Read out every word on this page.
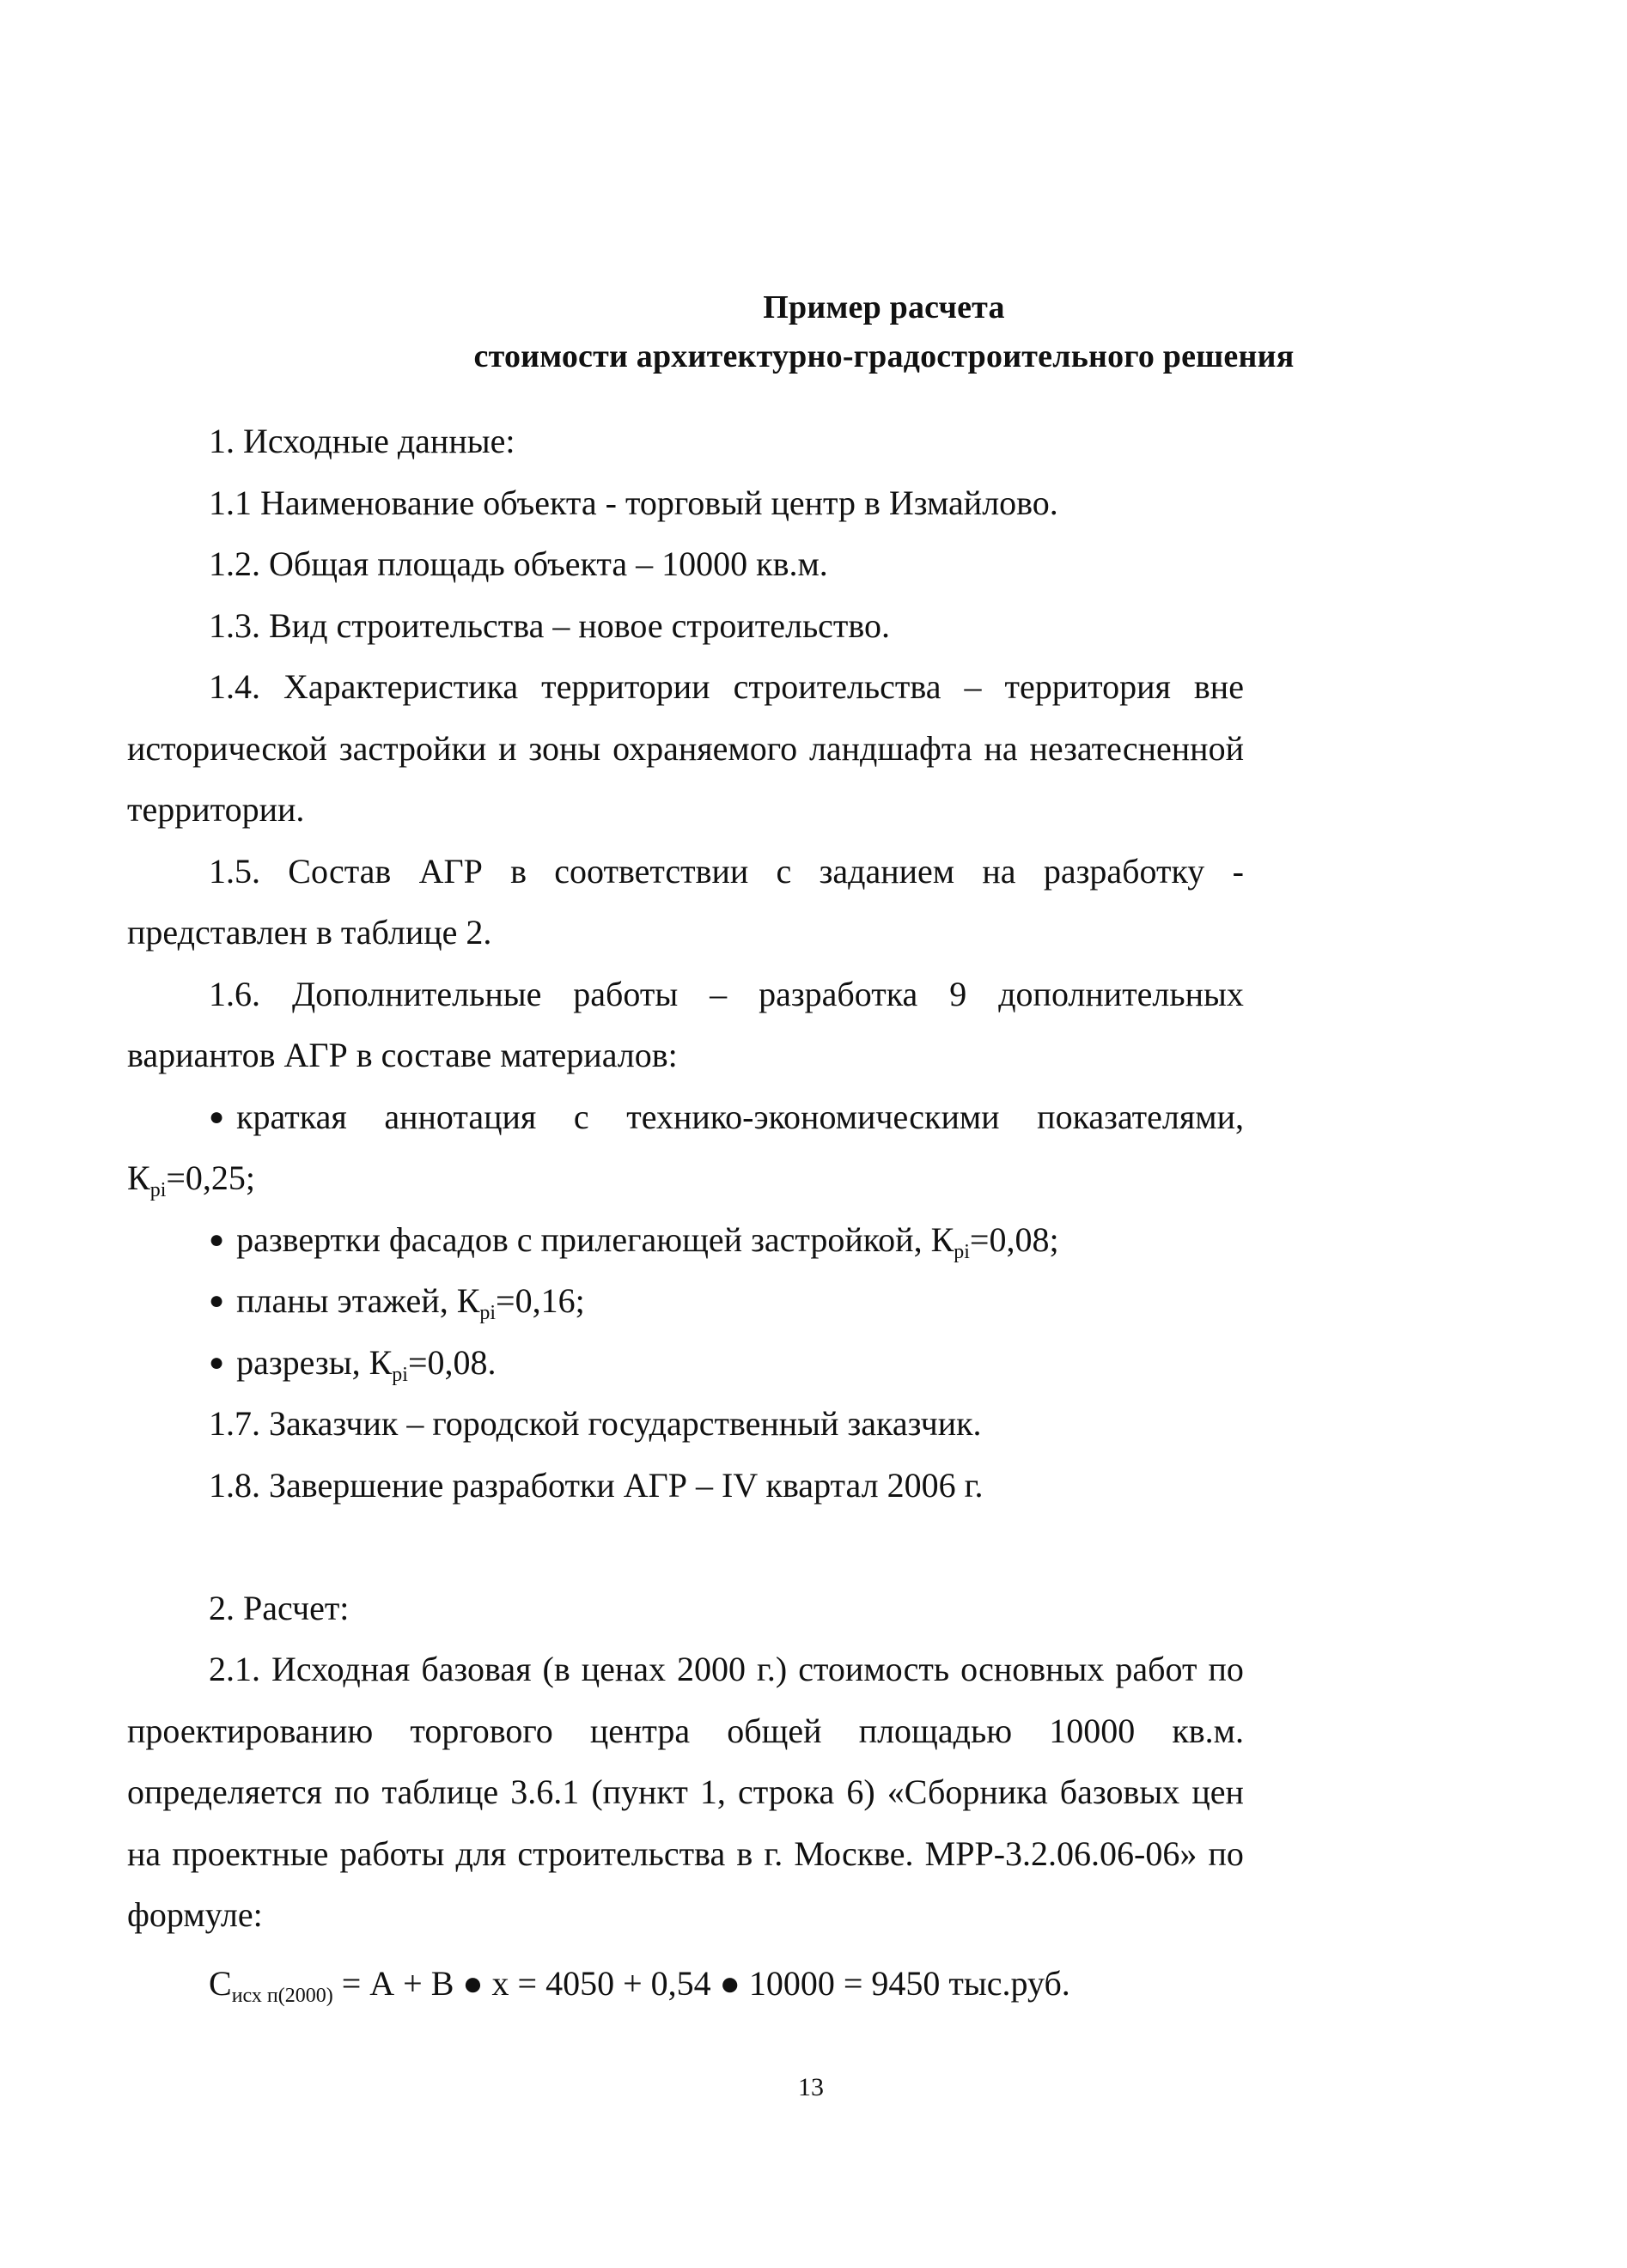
Пример расчета
стоимости архитектурно-градостроительного решения
1. Исходные данные:
1.1 Наименование объекта - торговый центр в Измайлово.
1.2. Общая площадь объекта – 10000 кв.м.
1.3. Вид строительства – новое строительство.
1.4. Характеристика территории строительства – территория вне
исторической застройки и зоны охраняемого ландшафта на незатесненной
территории.
1.5. Состав АГР в соответствии с заданием на разработку -
представлен в таблице 2.
1.6. Дополнительные работы – разработка 9 дополнительных
вариантов АГР в составе материалов:
● краткая аннотация с технико-экономическими показателями,
$К_{pi}=0,25$;
● развертки фасадов с прилегающей застройкой, $К_{pi}=0,08$;
● планы этажей, $К_{pi}=0,16$;
● разрезы, $К_{pi}=0,08$.
1.7. Заказчик – городской государственный заказчик.
1.8. Завершение разработки АГР – IV квартал 2006 г.
2. Расчет:
2.1. Исходная базовая (в ценах 2000 г.) стоимость основных работ по
проектированию торгового центра общей площадью 10000 кв.м.
определяется по таблице 3.6.1 (пункт 1, строка 6) «Сборника базовых цен
на проектные работы для строительства в г. Москве. МРР-3.2.06.06-06» по
формуле:
$С_{исх п(2000)} = А + В$ ● х = 4050 + 0,54 ● 10000 = 9450 тыс.руб.
13
